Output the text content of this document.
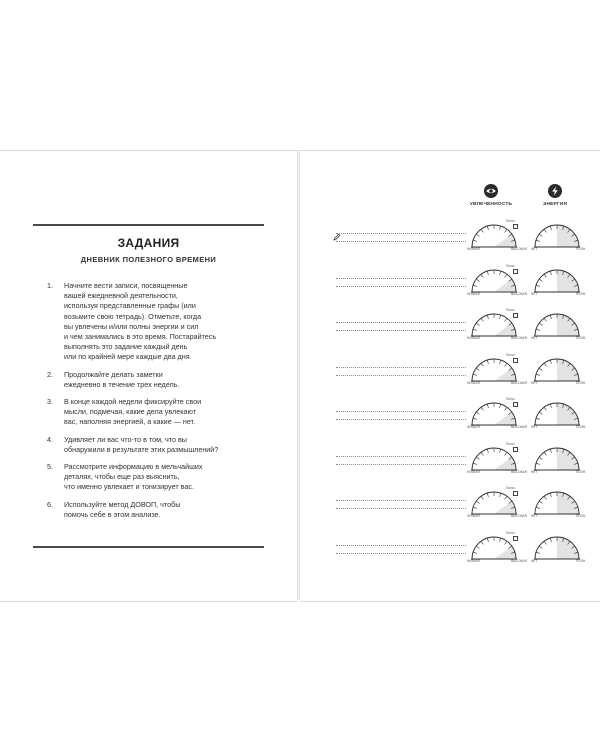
ЗАДАНИЯ
ДНЕВНИК ПОЛЕЗНОГО ВРЕМЕНИ
1.	Начните вести записи, посвященные
вашей ежедневной деятельности,
используя представленные графы (или
возьмите свою тетрадь). Отметьте, когда
вы увлечены и/или полны энергии и сил
и чем занимались в это время. Постарайтесь
выполнять это задание каждый день
или по крайней мере каждые два дня.
2.	Продолжайте делать заметки
ежедневно в течение трех недель.
3.	В конце каждой недели фиксируйте свои
мысли, подмечая, какие дела увлекают
вас, наполняя энергией, а какие — нет.
4.	Удивляет ли вас что-то в том, что вы
обнаружили в результате этих размышлений?
5.	Рассмотрите информацию в мельчайших
деталях, чтобы еще раз выяснить,
что именно увлекает и тонизирует вас.
6.	Используйте метод ДОВОП, чтобы
помочь себе в этом анализе.
УВЛЕЧЕННОСТЬ	ЭНЕРГИЯ
Поток
НИЗКАЯ	ВЫСОКАЯ НЕТ	ПОЛН.
Поток
НИЗКАЯ	ВЫСОКАЯ НЕТ	ПОЛН.
Поток
НИЗКАЯ	ВЫСОКАЯ НЕТ	ПОЛН.
Поток
НИЗКАЯ	ВЫСОКАЯ НЕТ	ПОЛН.
Поток
НИЗКАЯ	ВЫСОКАЯ НЕТ	ПОЛН.
Поток
НИЗКАЯ	ВЫСОКАЯ НЕТ	ПОЛН.
Поток
НИЗКАЯ	ВЫСОКАЯ НЕТ	ПОЛН.
Поток
НИЗКАЯ	ВЫСОКАЯ НЕТ	ПОЛН.
